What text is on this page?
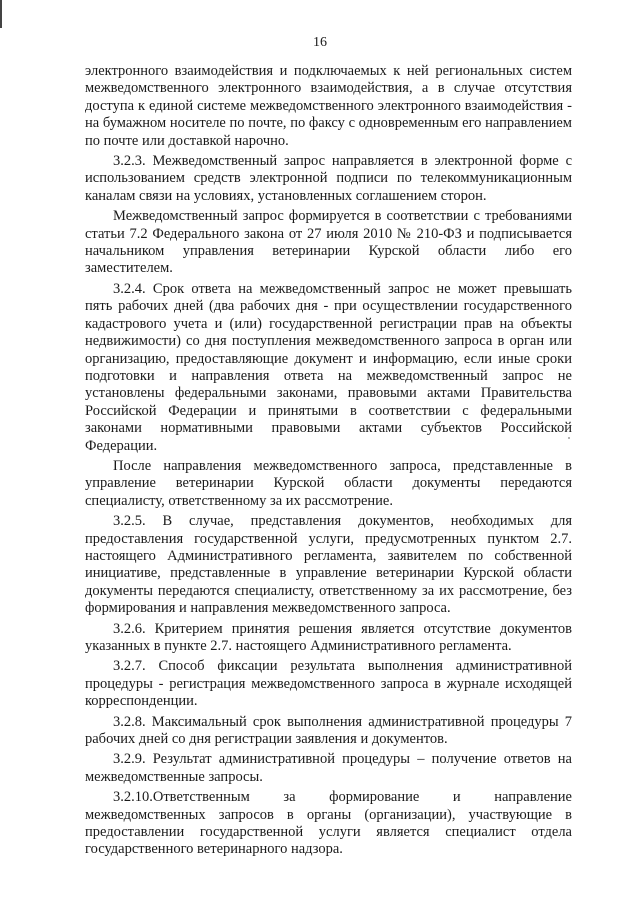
16

электронного взаимодействия и подключаемых к ней региональных систем межведомственного электронного взаимодействия, а в случае отсутствия доступа к единой системе межведомственного электронного взаимодействия - на бумажном носителе по почте, по факсу с одновременным его направлением по почте или доставкой нарочно.

3.2.3. Межведомственный запрос направляется в электронной форме с использованием средств электронной подписи по телекоммуникационным каналам связи на условиях, установленных соглашением сторон.

Межведомственный запрос формируется в соответствии с требованиями статьи 7.2 Федерального закона от 27 июля 2010 № 210-ФЗ и подписывается начальником управления ветеринарии Курской области либо его заместителем.

3.2.4. Срок ответа на межведомственный запрос не может превышать пять рабочих дней (два рабочих дня - при осуществлении государственного кадастрового учета и (или) государственной регистрации прав на объекты недвижимости) со дня поступления межведомственного запроса в орган или организацию, предоставляющие документ и информацию, если иные сроки подготовки и направления ответа на межведомственный запрос не установлены федеральными законами, правовыми актами Правительства Российской Федерации и принятыми в соответствии с федеральными законами нормативными правовыми актами субъектов Российской Федерации.

После направления межведомственного запроса, представленные в управление ветеринарии Курской области документы передаются специалисту, ответственному за их рассмотрение.

3.2.5. В случае, представления документов, необходимых для предоставления государственной услуги, предусмотренных пунктом 2.7. настоящего Административного регламента, заявителем по собственной инициативе, представленные в управление ветеринарии Курской области документы передаются специалисту, ответственному за их рассмотрение, без формирования и направления межведомственного запроса.

3.2.6. Критерием принятия решения является отсутствие документов указанных в пункте 2.7. настоящего Административного регламента.

3.2.7. Способ фиксации результата выполнения административной процедуры - регистрация межведомственного запроса в журнале исходящей корреспонденции.

3.2.8. Максимальный срок выполнения административной процедуры 7 рабочих дней со дня регистрации заявления и документов.

3.2.9. Результат административной процедуры – получение ответов на межведомственные запросы.

3.2.10.Ответственным за формирование и направление межведомственных запросов в органы (организации), участвующие в предоставлении государственной услуги является специалист отдела государственного ветеринарного надзора.
